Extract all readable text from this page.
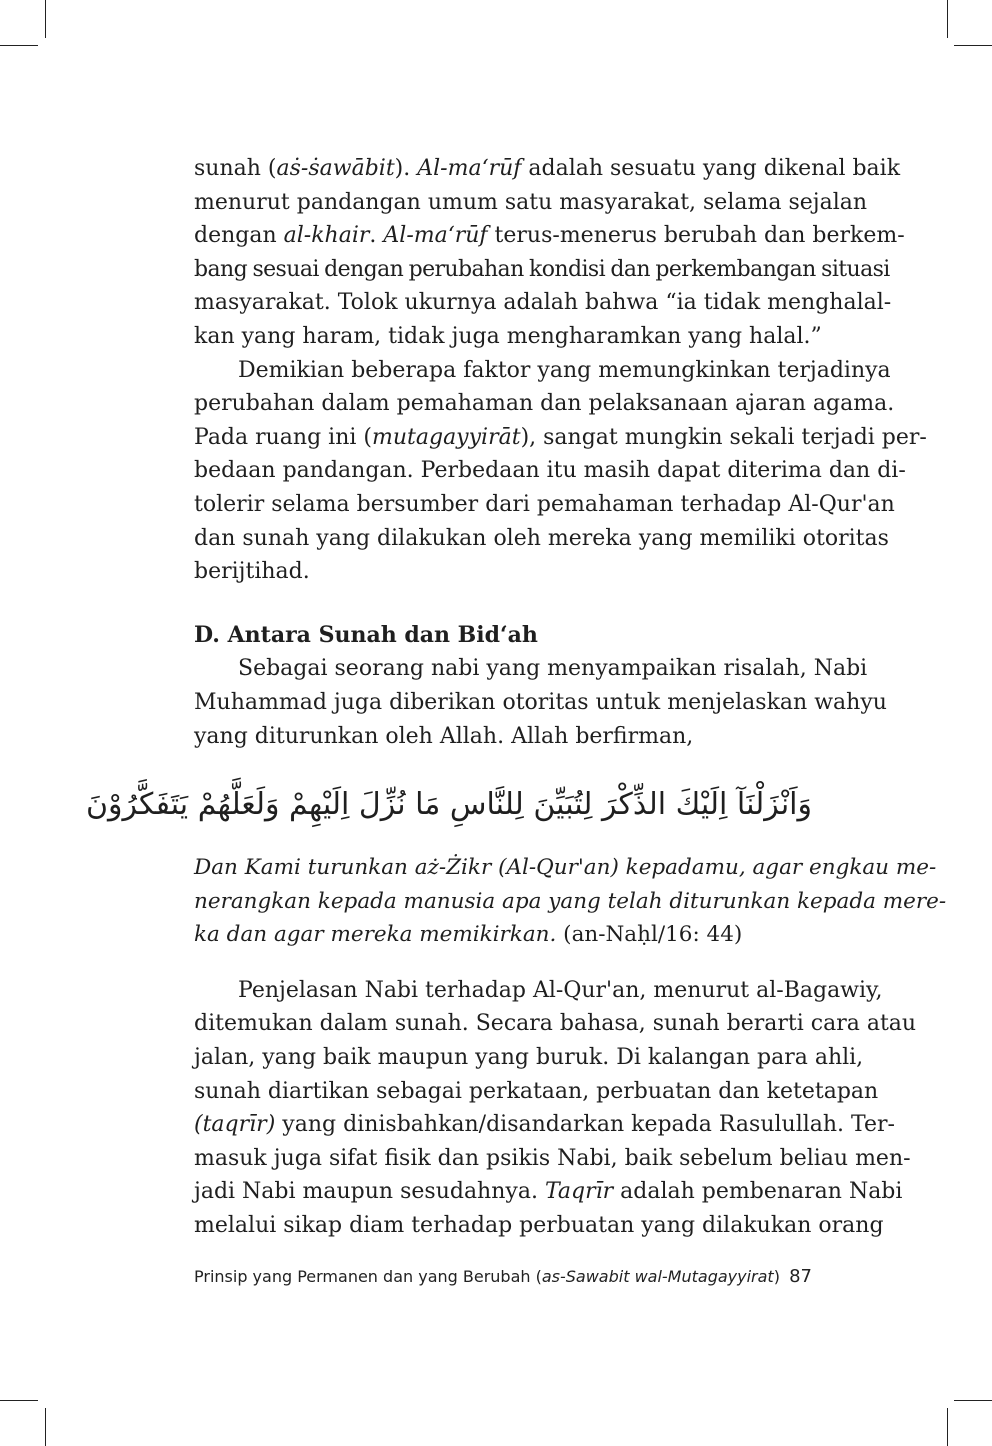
sunah (aṡ-ṡawābit). Al-ma‘rūf adalah sesuatu yang dikenal baik
menurut pandangan umum satu masyarakat, selama sejalan
dengan al-khair. Al-ma‘rūf terus-menerus berubah dan berkem-
bang sesuai dengan perubahan kondisi dan perkembangan situasi
masyarakat. Tolok ukurnya adalah bahwa “ia tidak menghalal-
kan yang haram, tidak juga mengharamkan yang halal.”
Demikian beberapa faktor yang memungkinkan terjadinya
perubahan dalam pemahaman dan pelaksanaan ajaran agama.
Pada ruang ini (mutagayyirāt), sangat mungkin sekali terjadi per-
bedaan pandangan. Perbedaan itu masih dapat diterima dan di-
tolerir selama bersumber dari pemahaman terhadap Al-Qur'an
dan sunah yang dilakukan oleh mereka yang memiliki otoritas
berijtihad.
D. Antara Sunah dan Bid‘ah
Sebagai seorang nabi yang menyampaikan risalah, Nabi
Muhammad juga diberikan otoritas untuk menjelaskan wahyu
yang diturunkan oleh Allah. Allah berfirman,
وَاَنْزَلْنَآ اِلَيْكَ الذِّكْرَ لِتُبَيِّنَ لِلنَّاسِ مَا نُزِّلَ اِلَيْهِمْ وَلَعَلَّهُمْ يَتَفَكَّرُوْنَ
Dan Kami turunkan aż-Żikr (Al-Qur'an) kepadamu, agar engkau me-
nerangkan kepada manusia apa yang telah diturunkan kepada mere-
ka dan agar mereka memikirkan. (an-Naḥl/16: 44)
Penjelasan Nabi terhadap Al-Qur'an, menurut al-Bagawiy,
ditemukan dalam sunah. Secara bahasa, sunah berarti cara atau
jalan, yang baik maupun yang buruk. Di kalangan para ahli,
sunah diartikan sebagai perkataan, perbuatan dan ketetapan
(taqrīr) yang dinisbahkan/disandarkan kepada Rasulullah. Ter-
masuk juga sifat fisik dan psikis Nabi, baik sebelum beliau men-
jadi Nabi maupun sesudahnya. Taqrīr adalah pembenaran Nabi
melalui sikap diam terhadap perbuatan yang dilakukan orang
Prinsip yang Permanen dan yang Berubah (as-Sawabit wal-Mutagayyirat) 87
